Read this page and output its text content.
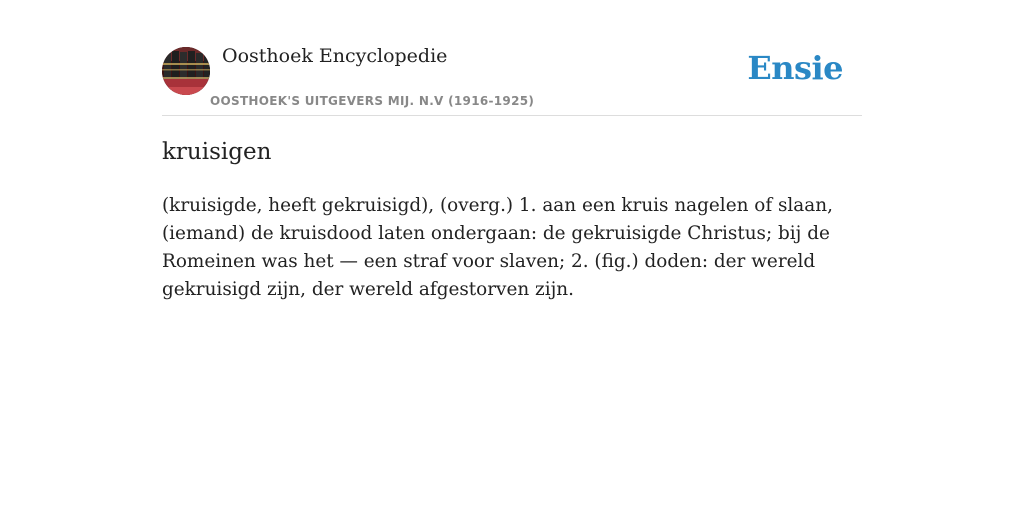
Oosthoek Encyclopedie
OOSTHOEK'S UITGEVERS MIJ. N.V (1916-1925)
Ensie
kruisigen

(kruisigde, heeft gekruisigd), (overg.) 1. aan een kruis nagelen of slaan, (iemand) de kruisdood laten ondergaan: de gekruisigde Christus; bij de Romeinen was het — een straf voor slaven; 2. (fig.) doden: der wereld gekruisigd zijn, der wereld afgestorven zijn.
